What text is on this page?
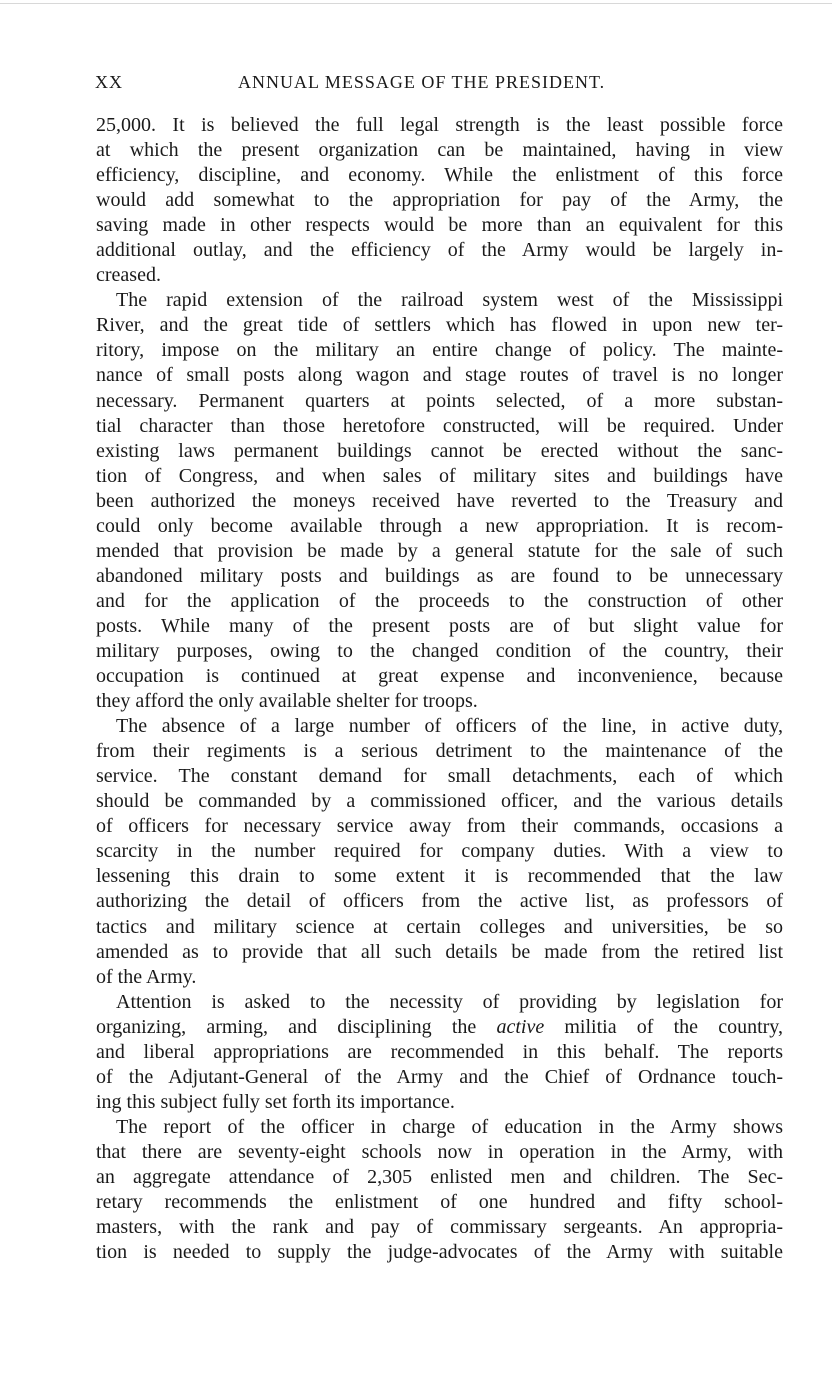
XX	ANNUAL MESSAGE OF THE PRESIDENT.

25,000. It is believed the full legal strength is the least possible force
at which the present organization can be maintained, having in view
efficiency, discipline, and economy. While the enlistment of this force
would add somewhat to the appropriation for pay of the Army, the
saving made in other respects would be more than an equivalent for this
additional outlay, and the efficiency of the Army would be largely in-
creased.

The rapid extension of the railroad system west of the Mississippi
River, and the great tide of settlers which has flowed in upon new ter-
ritory, impose on the military an entire change of policy. The mainte-
nance of small posts along wagon and stage routes of travel is no longer
necessary. Permanent quarters at points selected, of a more substan-
tial character than those heretofore constructed, will be required. Under
existing laws permanent buildings cannot be erected without the sanc-
tion of Congress, and when sales of military sites and buildings have
been authorized the moneys received have reverted to the Treasury and
could only become available through a new appropriation. It is recom-
mended that provision be made by a general statute for the sale of such
abandoned military posts and buildings as are found to be unnecessary
and for the application of the proceeds to the construction of other
posts. While many of the present posts are of but slight value for
military purposes, owing to the changed condition of the country, their
occupation is continued at great expense and inconvenience, because
they afford the only available shelter for troops.

The absence of a large number of officers of the line, in active duty,
from their regiments is a serious detriment to the maintenance of the
service. The constant demand for small detachments, each of which
should be commanded by a commissioned officer, and the various details
of officers for necessary service away from their commands, occasions a
scarcity in the number required for company duties. With a view to
lessening this drain to some extent it is recommended that the law
authorizing the detail of officers from the active list, as professors of
tactics and military science at certain colleges and universities, be so
amended as to provide that all such details be made from the retired list
of the Army.

Attention is asked to the necessity of providing by legislation for
organizing, arming, and disciplining the active militia of the country,
and liberal appropriations are recommended in this behalf. The reports
of the Adjutant-General of the Army and the Chief of Ordnance touch-
ing this subject fully set forth its importance.

The report of the officer in charge of education in the Army shows
that there are seventy-eight schools now in operation in the Army, with
an aggregate attendance of 2,305 enlisted men and children. The Sec-
retary recommends the enlistment of one hundred and fifty school-
masters, with the rank and pay of commissary sergeants. An appropria-
tion is needed to supply the judge-advocates of the Army with suitable
